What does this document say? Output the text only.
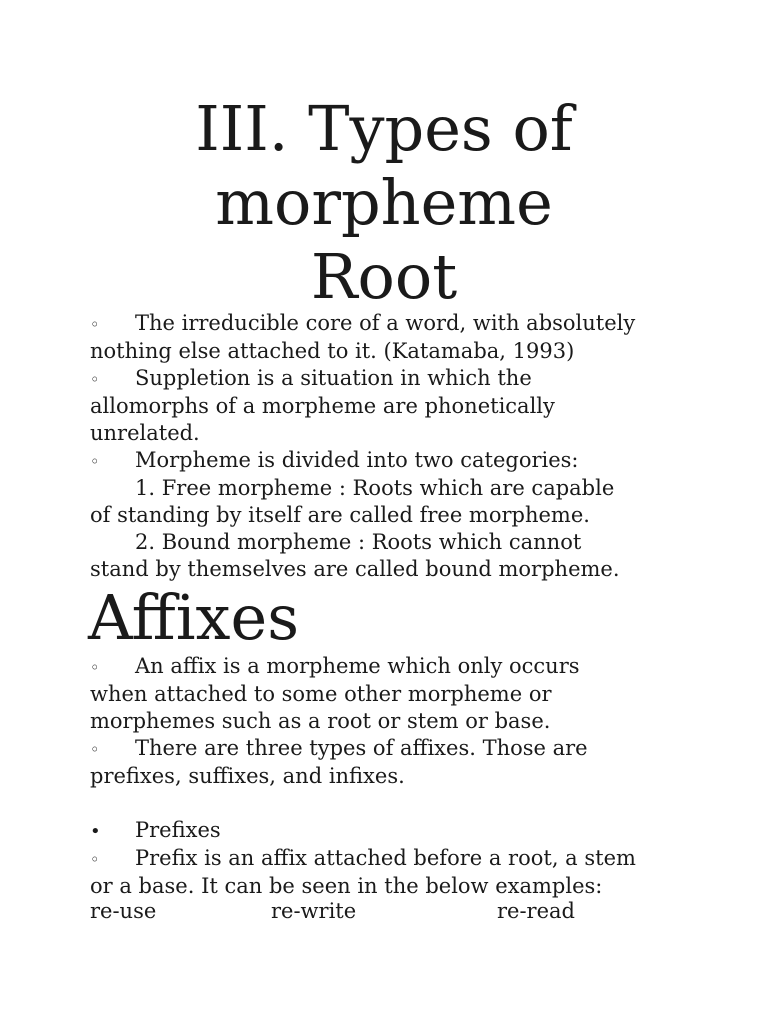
III. Types of
morpheme
Root
◦ The irreducible core of a word, with absolutely
nothing else attached to it. (Katamaba, 1993)
◦ Suppletion is a situation in which the
allomorphs of a morpheme are phonetically
unrelated.
◦ Morpheme is divided into two categories:
1. Free morpheme : Roots which are capable
of standing by itself are called free morpheme.
2. Bound morpheme : Roots which cannot
stand by themselves are called bound morpheme.
Affixes
◦ An affix is a morpheme which only occurs
when attached to some other morpheme or
morphemes such as a root or stem or base.
◦ There are three types of affixes. Those are
prefixes, suffixes, and infixes.

• Prefixes
◦ Prefix is an affix attached before a root, a stem
or a base. It can be seen in the below examples:
re-use	re-write	re-read
